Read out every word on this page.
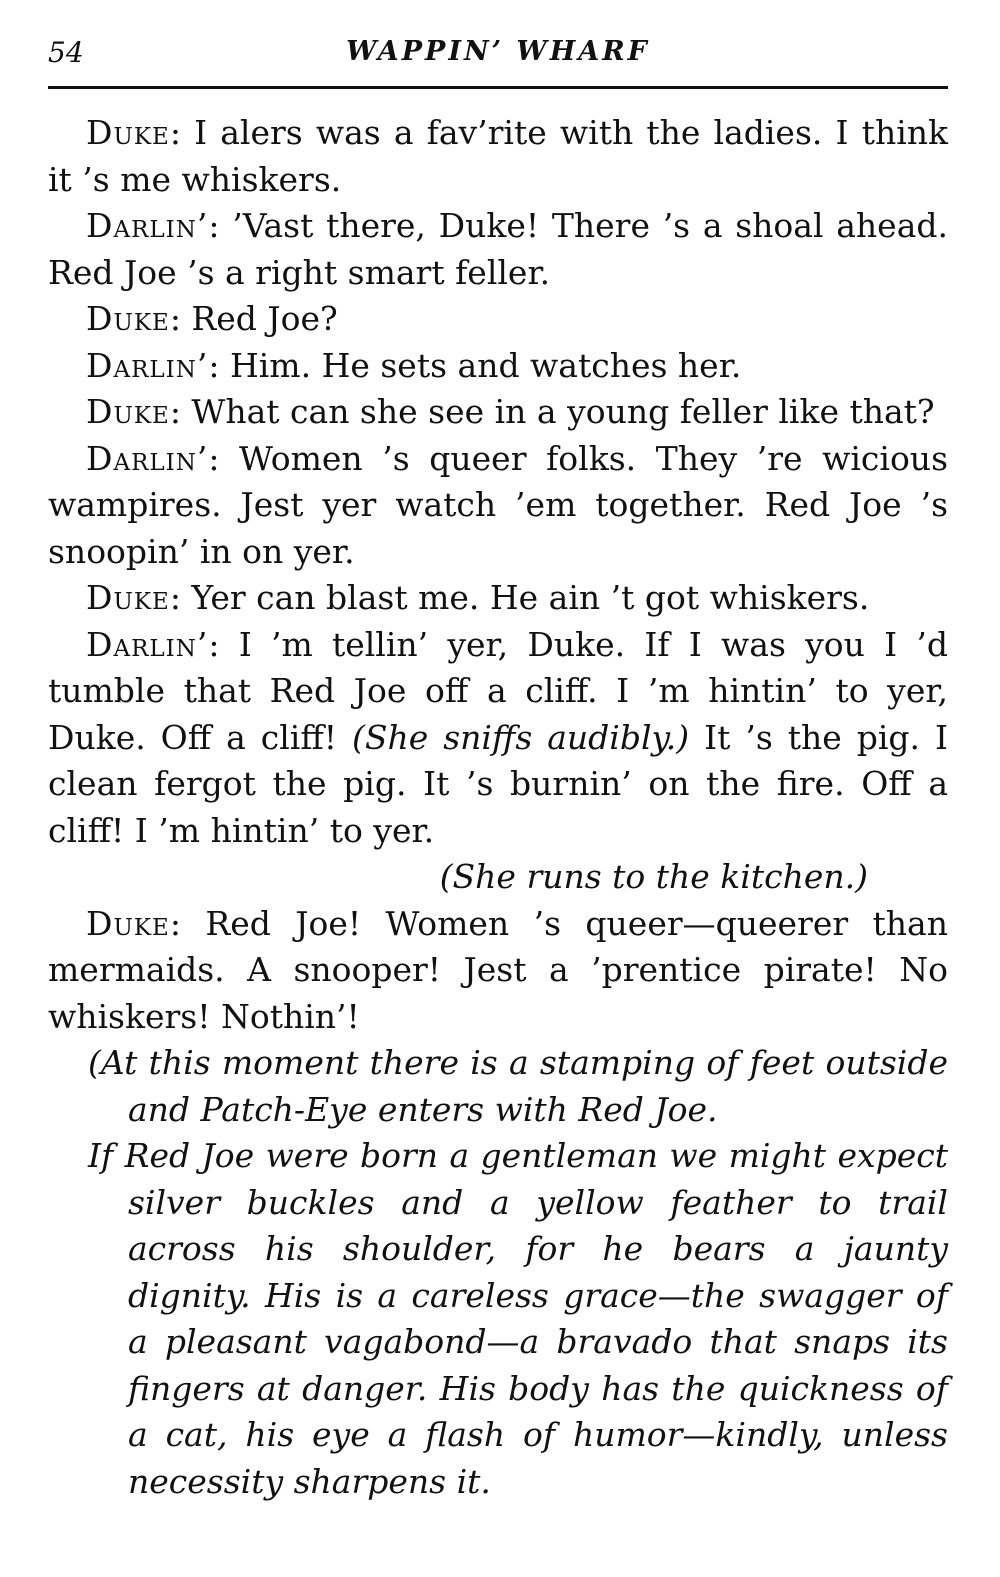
54	WAPPIN’ WHARF

Duke: I alers was a fav’rite with the ladies. I think it ’s me whiskers.

Darlin’: ’Vast there, Duke! There ’s a shoal ahead. Red Joe ’s a right smart feller.

Duke: Red Joe?

Darlin’: Him. He sets and watches her.

Duke: What can she see in a young feller like that?

Darlin’: Women ’s queer folks. They ’re wicious wampires. Jest yer watch ’em together. Red Joe ’s snoopin’ in on yer.

Duke: Yer can blast me. He ain ’t got whiskers.

Darlin’: I ’m tellin’ yer, Duke. If I was you I ’d tumble that Red Joe off a cliff. I ’m hintin’ to yer, Duke. Off a cliff! (She sniffs audibly.) It ’s the pig. I clean fergot the pig. It ’s burnin’ on the fire. Off a cliff! I ’m hintin’ to yer.

(She runs to the kitchen.)

Duke: Red Joe! Women ’s queer—queerer than mermaids. A snooper! Jest a ’prentice pirate! No whiskers! Nothin’!

(At this moment there is a stamping of feet outside and Patch-Eye enters with Red Joe.

If Red Joe were born a gentleman we might expect silver buckles and a yellow feather to trail across his shoulder, for he bears a jaunty dignity. His is a careless grace—the swagger of a pleasant vagabond—a bravado that snaps its fingers at danger. His body has the quickness of a cat, his eye a flash of humor—kindly, unless necessity sharpens it.
